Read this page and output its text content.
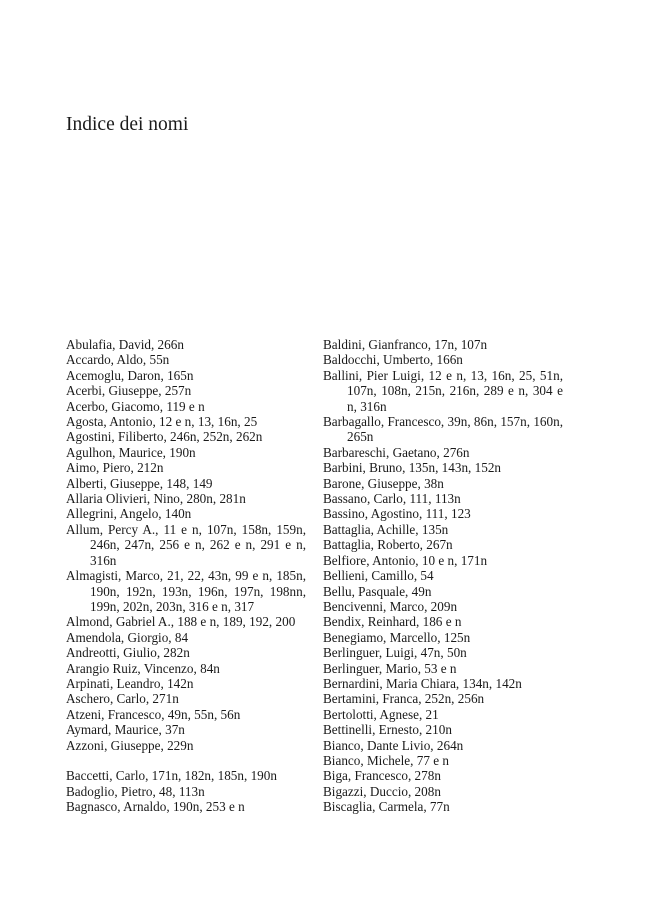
Indice dei nomi
Abulafia, David, 266n
Accardo, Aldo, 55n
Acemoglu, Daron, 165n
Acerbi, Giuseppe, 257n
Acerbo, Giacomo, 119 e n
Agosta, Antonio, 12 e n, 13, 16n, 25
Agostini, Filiberto, 246n, 252n, 262n
Agulhon, Maurice, 190n
Aimo, Piero, 212n
Alberti, Giuseppe, 148, 149
Allaria Olivieri, Nino, 280n, 281n
Allegrini, Angelo, 140n
Allum, Percy A., 11 e n, 107n, 158n, 159n, 246n, 247n, 256 e n, 262 e n, 291 e n, 316n
Almagisti, Marco, 21, 22, 43n, 99 e n, 185n, 190n, 192n, 193n, 196n, 197n, 198nn, 199n, 202n, 203n, 316 e n, 317
Almond, Gabriel A., 188 e n, 189, 192, 200
Amendola, Giorgio, 84
Andreotti, Giulio, 282n
Arangio Ruiz, Vincenzo, 84n
Arpinati, Leandro, 142n
Aschero, Carlo, 271n
Atzeni, Francesco, 49n, 55n, 56n
Aymard, Maurice, 37n
Azzoni, Giuseppe, 229n
Baccetti, Carlo, 171n, 182n, 185n, 190n
Badoglio, Pietro, 48, 113n
Bagnasco, Arnaldo, 190n, 253 e n
Baldini, Gianfranco, 17n, 107n
Baldocchi, Umberto, 166n
Ballini, Pier Luigi, 12 e n, 13, 16n, 25, 51n, 107n, 108n, 215n, 216n, 289 e n, 304 e n, 316n
Barbagallo, Francesco, 39n, 86n, 157n, 160n, 265n
Barbareschi, Gaetano, 276n
Barbini, Bruno, 135n, 143n, 152n
Barone, Giuseppe, 38n
Bassano, Carlo, 111, 113n
Bassino, Agostino, 111, 123
Battaglia, Achille, 135n
Battaglia, Roberto, 267n
Belfiore, Antonio, 10 e n, 171n
Bellieni, Camillo, 54
Bellu, Pasquale, 49n
Bencivenni, Marco, 209n
Bendix, Reinhard, 186 e n
Benegiamo, Marcello, 125n
Berlinguer, Luigi, 47n, 50n
Berlinguer, Mario, 53 e n
Bernardini, Maria Chiara, 134n, 142n
Bertamini, Franca, 252n, 256n
Bertolotti, Agnese, 21
Bettinelli, Ernesto, 210n
Bianco, Dante Livio, 264n
Bianco, Michele, 77 e n
Biga, Francesco, 278n
Bigazzi, Duccio, 208n
Biscaglia, Carmela, 77n
